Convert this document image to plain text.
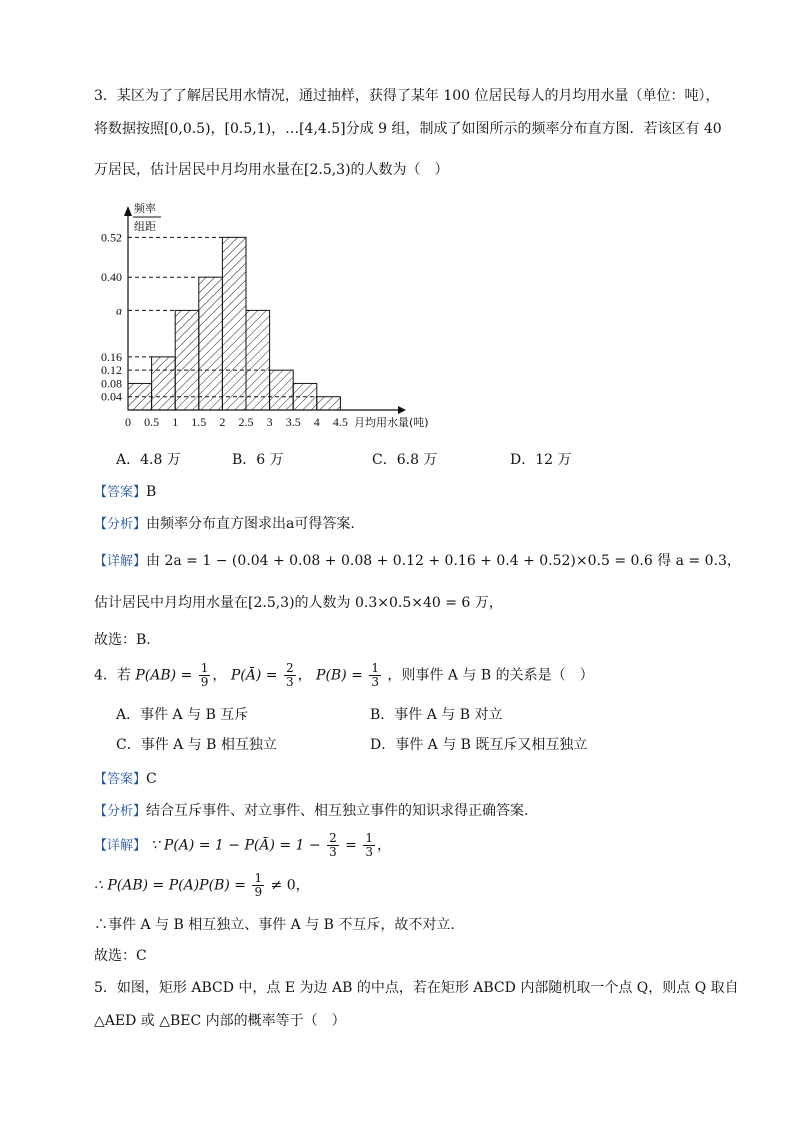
3．某区为了了解居民用水情况，通过抽样，获得了某年 100 位居民每人的月均用水量（单位：吨），
将数据按照[0,0.5)，[0.5,1)，…[4,4.5]分成 9 组，制成了如图所示的频率分布直方图．若该区有 40
万居民，估计居民中月均用水量在[2.5,3)的人数为（　）
0.52
0.40
a
0.16
0.12
0.08
0.04
0 0.5 1 1.5 2 2.5 3 3.5 4 4.5 月均用水量(吨)
频率
组距
A．4.8 万	B．6 万	C．6.8 万	D．12 万
【答案】B
【分析】由频率分布直方图求出a可得答案.
【详解】由 2a = 1 − (0.04 + 0.08 + 0.08 + 0.12 + 0.16 + 0.4 + 0.52)×0.5 = 0.6 得 a = 0.3，
估计居民中月均用水量在[2.5,3)的人数为 0.3×0.5×40 = 6 万，
故选：B.
4．若 $P(AB) = \frac{1}{9}$ ， P(Ā) = $\frac{2}{3}$ ， $P(B) = \frac{1}{3}$ ，则事件 A 与 B 的关系是（　）
A．事件 A 与 B 互斥	B．事件 A 与 B 对立
C．事件 A 与 B 相互独立	D．事件 A 与 B 既互斥又相互独立
【答案】C
【分析】结合互斥事件、对立事件、相互独立事件的知识求得正确答案.
【详解】 ∵ P(A) = 1 − P(Ā) = $1 - \frac{2}{3} = \frac{1}{3}$ ，
∴ $P(AB) = P(A)P(B) = \frac{1}{9} \ne 0$，
∴事件 A 与 B 相互独立、事件 A 与 B 不互斥，故不对立.
故选：C
5．如图，矩形 ABCD 中，点 E 为边 AB 的中点，若在矩形 ABCD 内部随机取一个点 Q，则点 Q 取自
△AED 或 △BEC 内部的概率等于（　）
